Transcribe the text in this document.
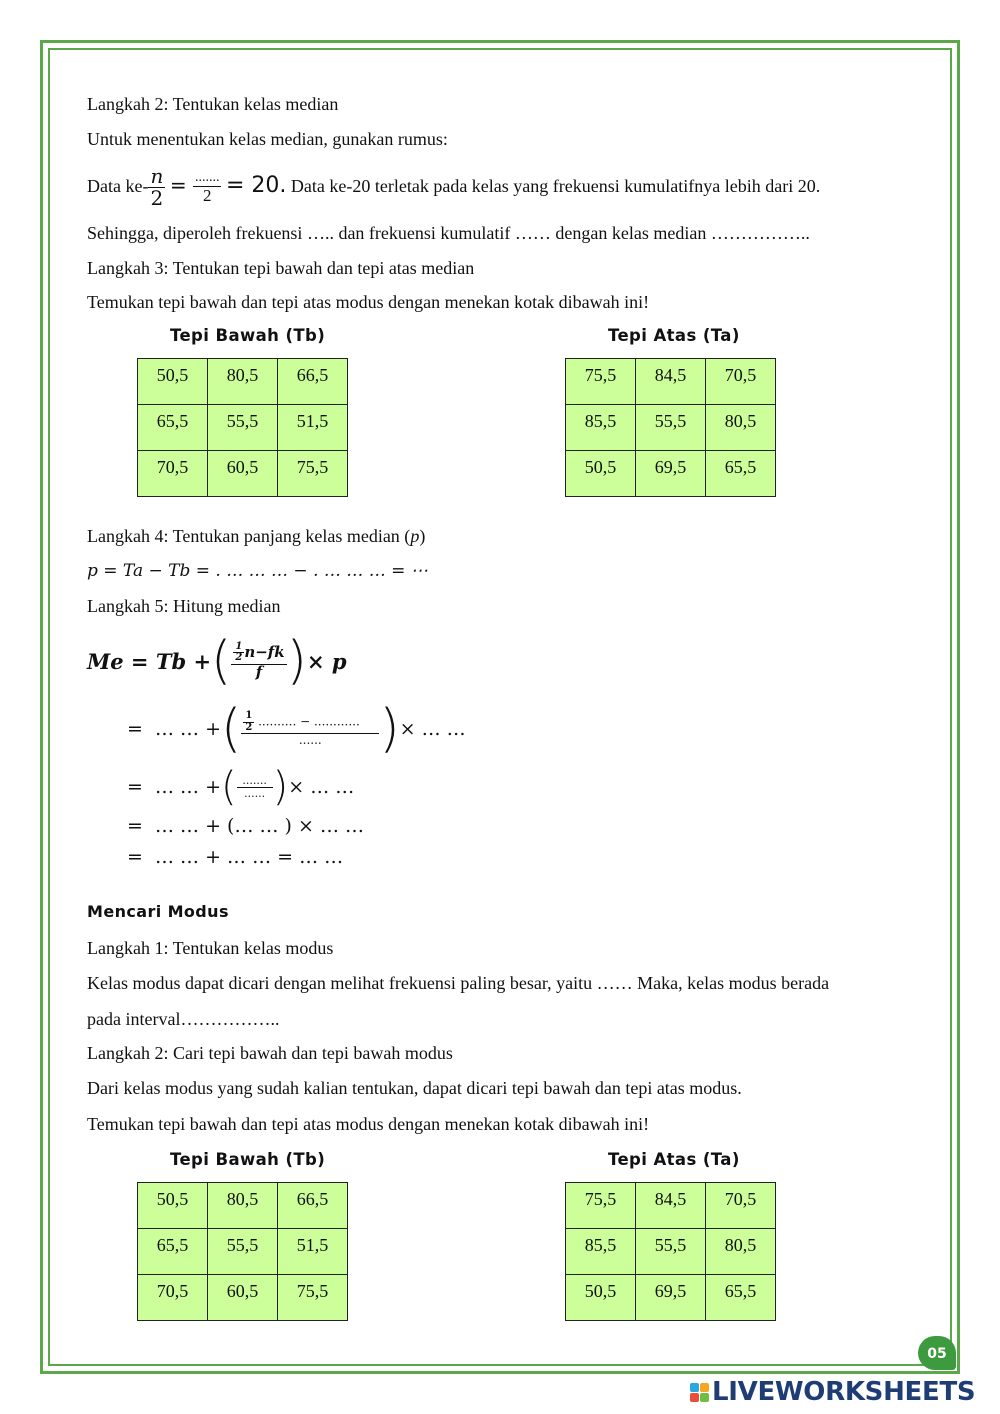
Langkah 2: Tentukan kelas median
Untuk menentukan kelas median, gunakan rumus:
Data $ke- \frac{n}{2} = \frac{.......}{2} = 20$. Data ke-20 terletak pada kelas yang frekuensi kumulatifnya lebih dari 20.
Sehingga, diperoleh frekuensi ….. dan frekuensi kumulatif …… dengan kelas median ……………..
Langkah 3: Tentukan tepi bawah dan tepi atas median
Temukan tepi bawah dan tepi atas modus dengan menekan kotak dibawah ini!
Tepi Bawah (Tb)	Tepi Atas (Ta)
50,5	80,5	66,5
65,5	55,5	51,5
70,5	60,5	75,5
75,5	84,5	70,5
85,5	55,5	80,5
50,5	69,5	65,5
Langkah 4: Tentukan panjang kelas median (p)
p = Ta − Tb = . … … … − . … … … = ⋯
Langkah 5: Hitung median
Me = Tb + ( $\frac{\frac{1}{2} n-fk}{f}$ ) × p
=
… … + ( $\frac{\frac{1}{2} .......... - ............}{......}$ ) × … …
=
… … + ( $\frac{.......}{......}$ ) × … …
= … … + (… … ) × … …
= … … + … … = … …
Mencari Modus
Langkah 1: Tentukan kelas modus
Kelas modus dapat dicari dengan melihat frekuensi paling besar, yaitu …… Maka, kelas modus berada
pada interval……………..
Langkah 2: Cari tepi bawah dan tepi bawah modus
Dari kelas modus yang sudah kalian tentukan, dapat dicari tepi bawah dan tepi atas modus.
Temukan tepi bawah dan tepi atas modus dengan menekan kotak dibawah ini!
Tepi Bawah (Tb)	Tepi Atas (Ta)
50,5	80,5	66,5
65,5	55,5	51,5
70,5	60,5	75,5
75,5	84,5	70,5
85,5	55,5	80,5
50,5	69,5	65,5
05
LIVEWORKSHEETS
